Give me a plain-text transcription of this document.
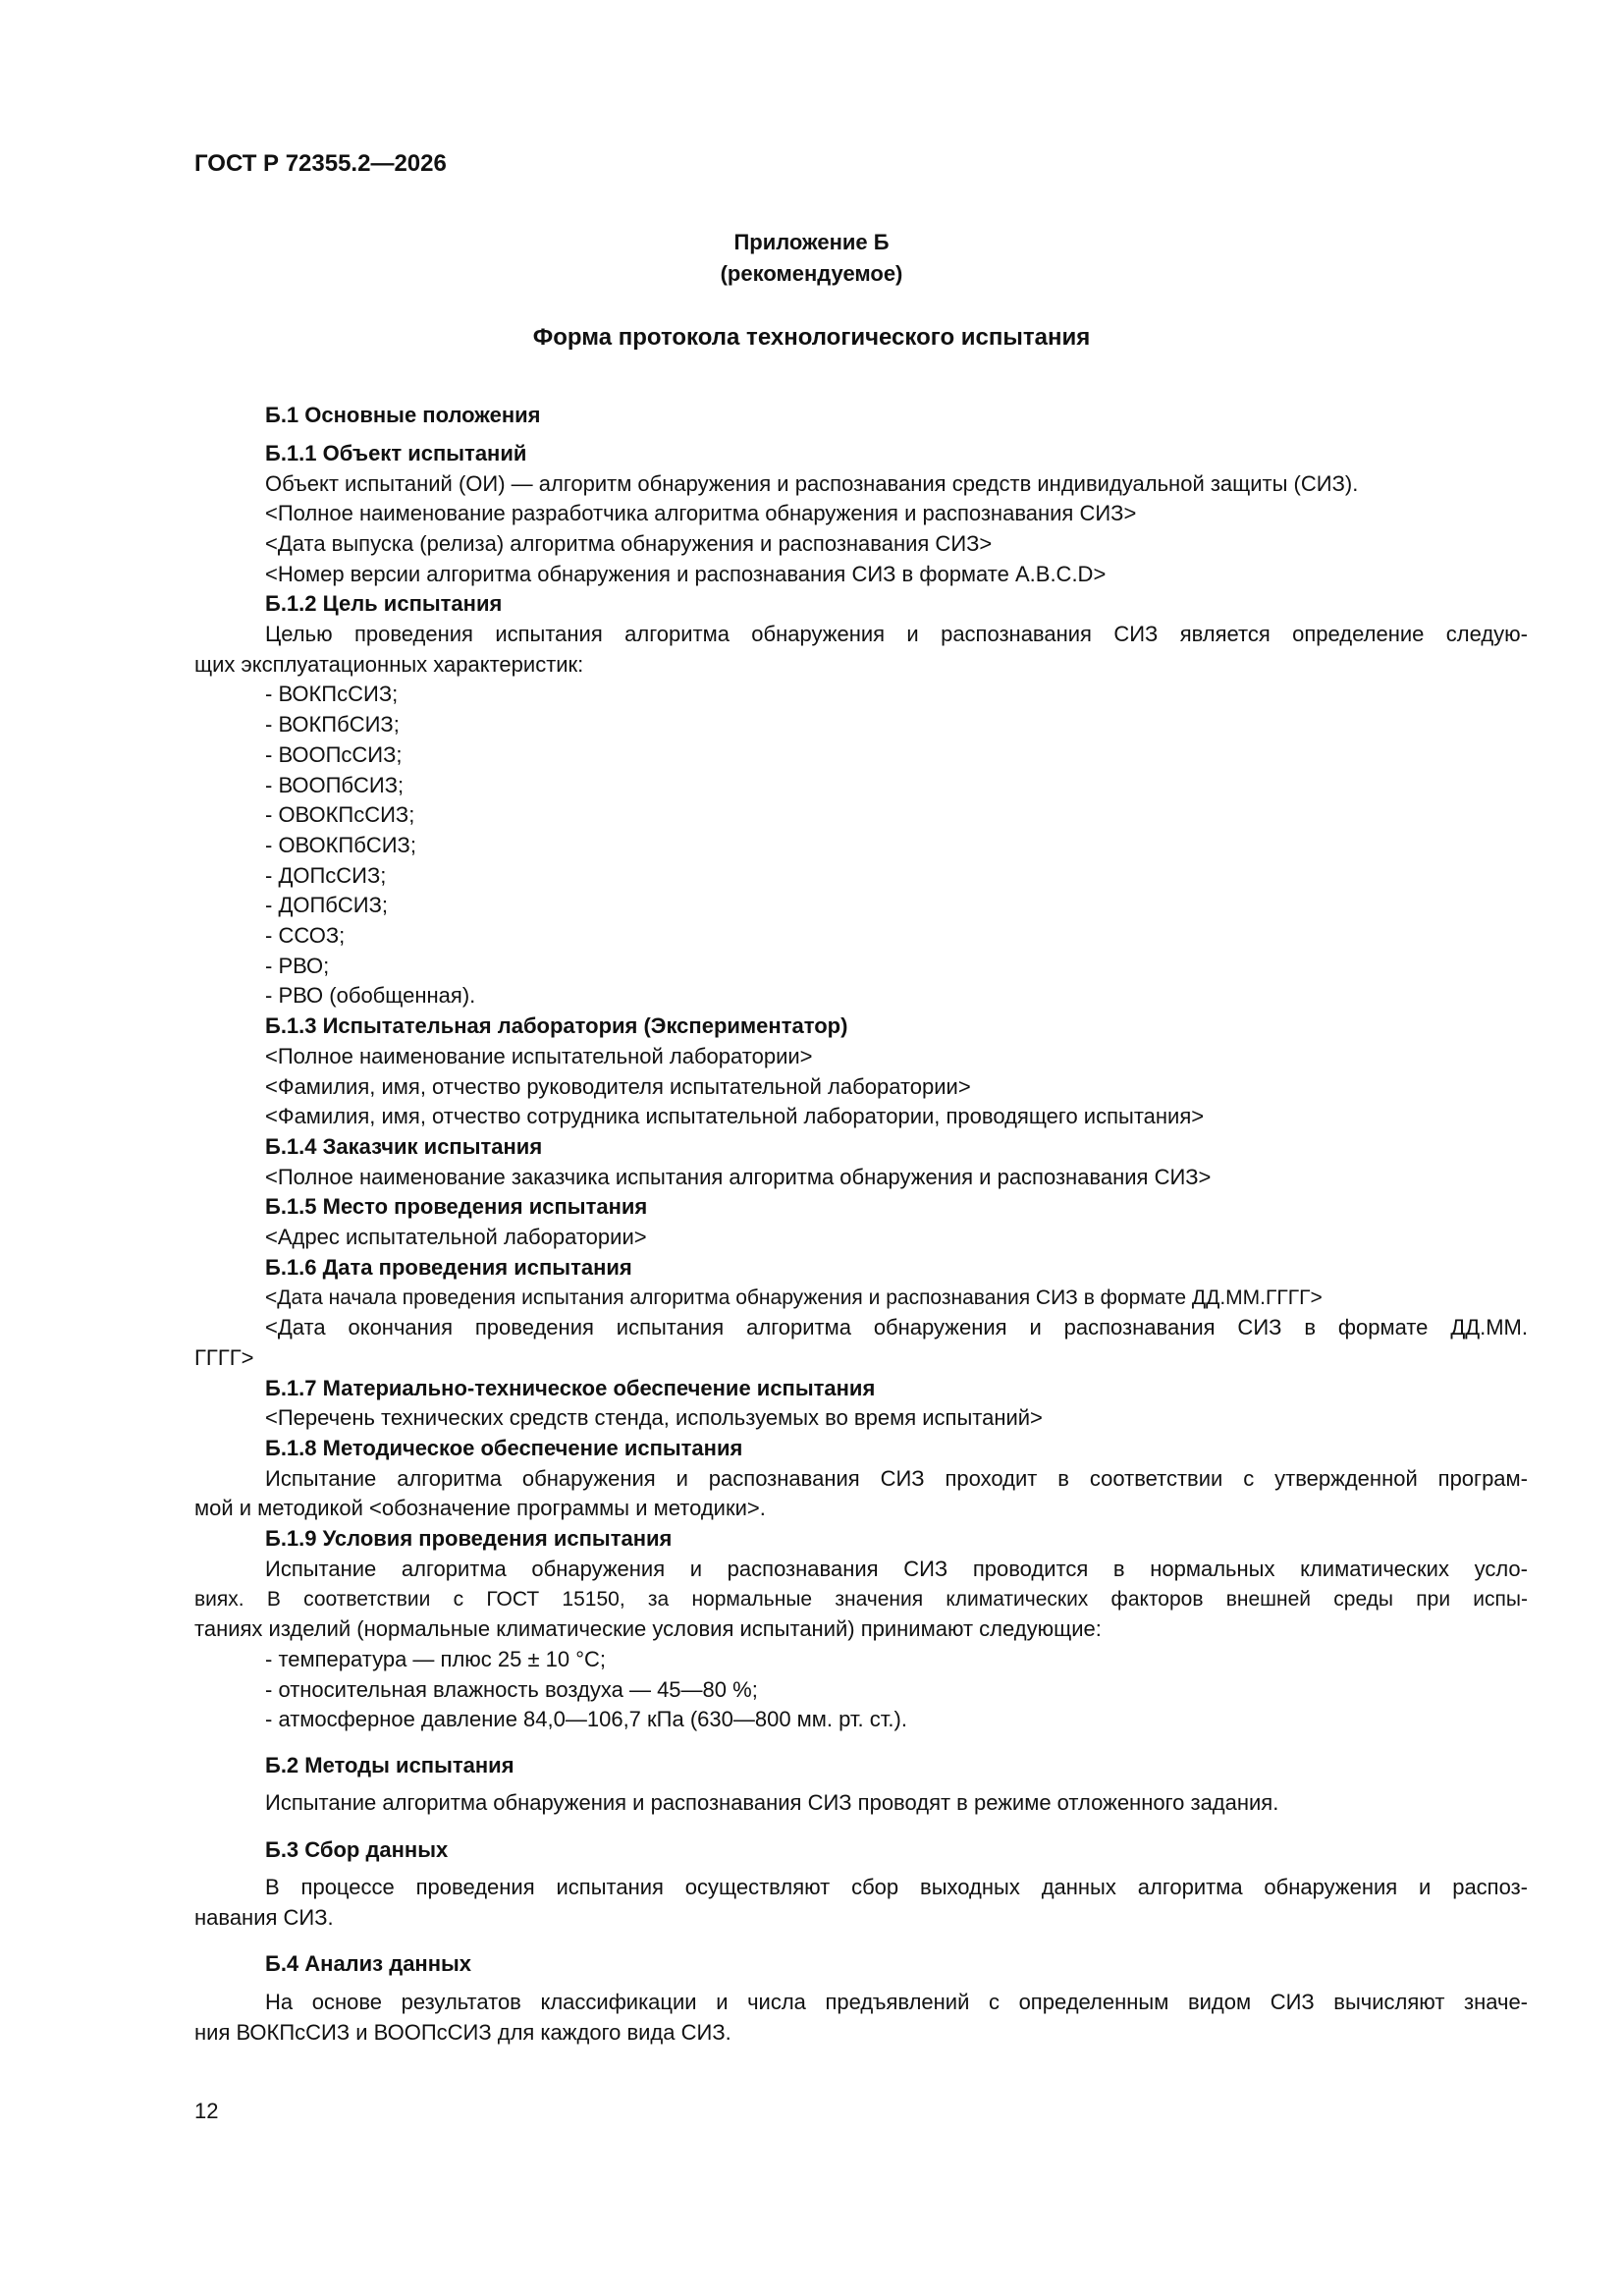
ГОСТ Р 72355.2—2026
Приложение Б
(рекомендуемое)
Форма протокола технологического испытания
Б.1 Основные положения
Б.1.1 Объект испытаний
Объект испытаний (ОИ) — алгоритм обнаружения и распознавания средств индивидуальной защиты (СИЗ).
<Полное наименование разработчика алгоритма обнаружения и распознавания СИЗ>
<Дата выпуска (релиза) алгоритма обнаружения и распознавания СИЗ>
<Номер версии алгоритма обнаружения и распознавания СИЗ в формате A.B.C.D>
Б.1.2 Цель испытания
Целью проведения испытания алгоритма обнаружения и распознавания СИЗ является определение следую-
щих эксплуатационных характеристик:
- ВОКПсСИЗ;
- ВОКПбСИЗ;
- ВООПсСИЗ;
- ВООПбСИЗ;
- ОВОКПсСИЗ;
- ОВОКПбСИЗ;
- ДОПсСИЗ;
- ДОПбСИЗ;
- ССОЗ;
- РВО;
- РВО (обобщенная).
Б.1.3 Испытательная лаборатория (Экспериментатор)
<Полное наименование испытательной лаборатории>
<Фамилия, имя, отчество руководителя испытательной лаборатории>
<Фамилия, имя, отчество сотрудника испытательной лаборатории, проводящего испытания>
Б.1.4 Заказчик испытания
<Полное наименование заказчика испытания алгоритма обнаружения и распознавания СИЗ>
Б.1.5 Место проведения испытания
<Адрес испытательной лаборатории>
Б.1.6 Дата проведения испытания
<Дата начала проведения испытания алгоритма обнаружения и распознавания СИЗ в формате ДД.ММ.ГГГГ>
<Дата окончания проведения испытания алгоритма обнаружения и распознавания СИЗ в формате ДД.ММ.
ГГГГ>
Б.1.7 Материально-техническое обеспечение испытания
<Перечень технических средств стенда, используемых во время испытаний>
Б.1.8 Методическое обеспечение испытания
Испытание алгоритма обнаружения и распознавания СИЗ проходит в соответствии с утвержденной програм-
мой и методикой <обозначение программы и методики>.
Б.1.9 Условия проведения испытания
Испытание алгоритма обнаружения и распознавания СИЗ проводится в нормальных климатических усло-
виях. В соответствии с ГОСТ 15150, за нормальные значения климатических факторов внешней среды при испы-
таниях изделий (нормальные климатические условия испытаний) принимают следующие:
- температура — плюс 25 ± 10 °С;
- относительная влажность воздуха — 45—80 %;
- атмосферное давление 84,0—106,7 кПа (630—800 мм. рт. ст.).
Б.2 Методы испытания
Испытание алгоритма обнаружения и распознавания СИЗ проводят в режиме отложенного задания.
Б.3 Сбор данных
В процессе проведения испытания осуществляют сбор выходных данных алгоритма обнаружения и распоз-
навания СИЗ.
Б.4 Анализ данных
На основе результатов классификации и числа предъявлений с определенным видом СИЗ вычисляют значе-
ния ВОКПсСИЗ и ВООПсСИЗ для каждого вида СИЗ.
12
